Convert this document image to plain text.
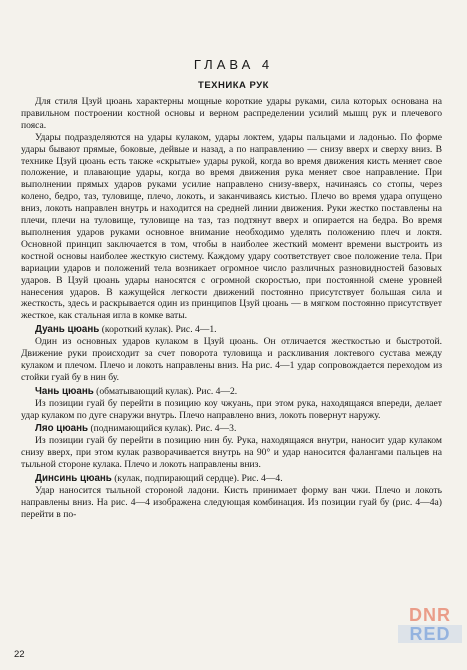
ГЛАВА 4
ТЕХНИКА РУК

Для стиля Цзуй цюань характерны мощные короткие удары руками, сила которых основана на правильном построении костной основы и верном распределении усилий мышц рук и плечевого пояса.

Удары подразделяются на удары кулаком, удары локтем, удары пальцами и ладонью. По форме удары бывают прямые, боковые, дейвые и назад, а по направлению — снизу вверх и сверху вниз. В технике Цзуй цюань есть также «скрытые» удары рукой, когда во время движения кисть меняет свое положение, и плавающие удары, когда во время движения рука меняет свое направление. При выполнении прямых ударов руками усилие направлено снизу-вверх, начинаясь со стопы, через колено, бедро, таз, туловище, плечо, локоть, и заканчиваясь кистью. Плечо во время удара опущено вниз, локоть направлен внутрь и находится на средней линии движения. Руки жестко поставлены на плечи, плечи на туловище, туловище на таз, таз подтянут вверх и опирается на бедра. Во время выполнения ударов руками основное внимание необходимо уделять положению плеч и локтя. Основной принцип заключается в том, чтобы в наиболее жесткий момент времени выстроить из костной основы наиболее жесткую систему. Каждому удару соответствует свое положение тела. При вариации ударов и положений тела возникает огромное число различных разновидностей базовых ударов. В Цзуй цюань удары наносятся с огромной скоростью, при постоянной смене уровней нанесения ударов. В кажущейся легкости движений постоянно присутствует большая сила и жесткость, здесь и раскрывается один из принципов Цзуй цюань — в мягком постоянно присутствует жесткое, как стальная игла в комке ваты.

Дуань цюань (короткий кулак). Рис. 4—1.

Один из основных ударов кулаком в Цзуй цюань. Он отличается жесткостью и быстротой. Движение руки происходит за счет поворота туловища и раскливания локтевого сустава между кулаком и плечом. Плечо и локоть направлены вниз. На рис. 4—1 удар сопровождается переходом из стойки гуай бу в нин бу.

Чань цюань (обматывающий кулак). Рис. 4—2.

Из позиции гуай бу перейти в позицию коу чжуань, при этом рука, находящаяся впереди, делает удар кулаком по дуге снаружи внутрь. Плечо направлено вниз, локоть повернут наружу.

Ляо цюань (поднимающийся кулак). Рис. 4—3.

Из позиции гуай бу перейти в позицию нин бу. Рука, находящаяся внутри, наносит удар кулаком снизу вверх, при этом кулак разворачивается внутрь на 90° и удар наносится фалангами пальцев на тыльной стороне кулака. Плечо и локоть направлены вниз.

Динсинь цюань (кулак, подпирающий сердце). Рис. 4—4.

Удар наносится тыльной стороной ладони. Кисть принимает форму ван чжи. Плечо и локоть направлены вниз. На рис. 4—4 изображена следующая комбинация. Из позиции гуай бу (рис. 4—4а) перейти в по-

22
DNR
RED
